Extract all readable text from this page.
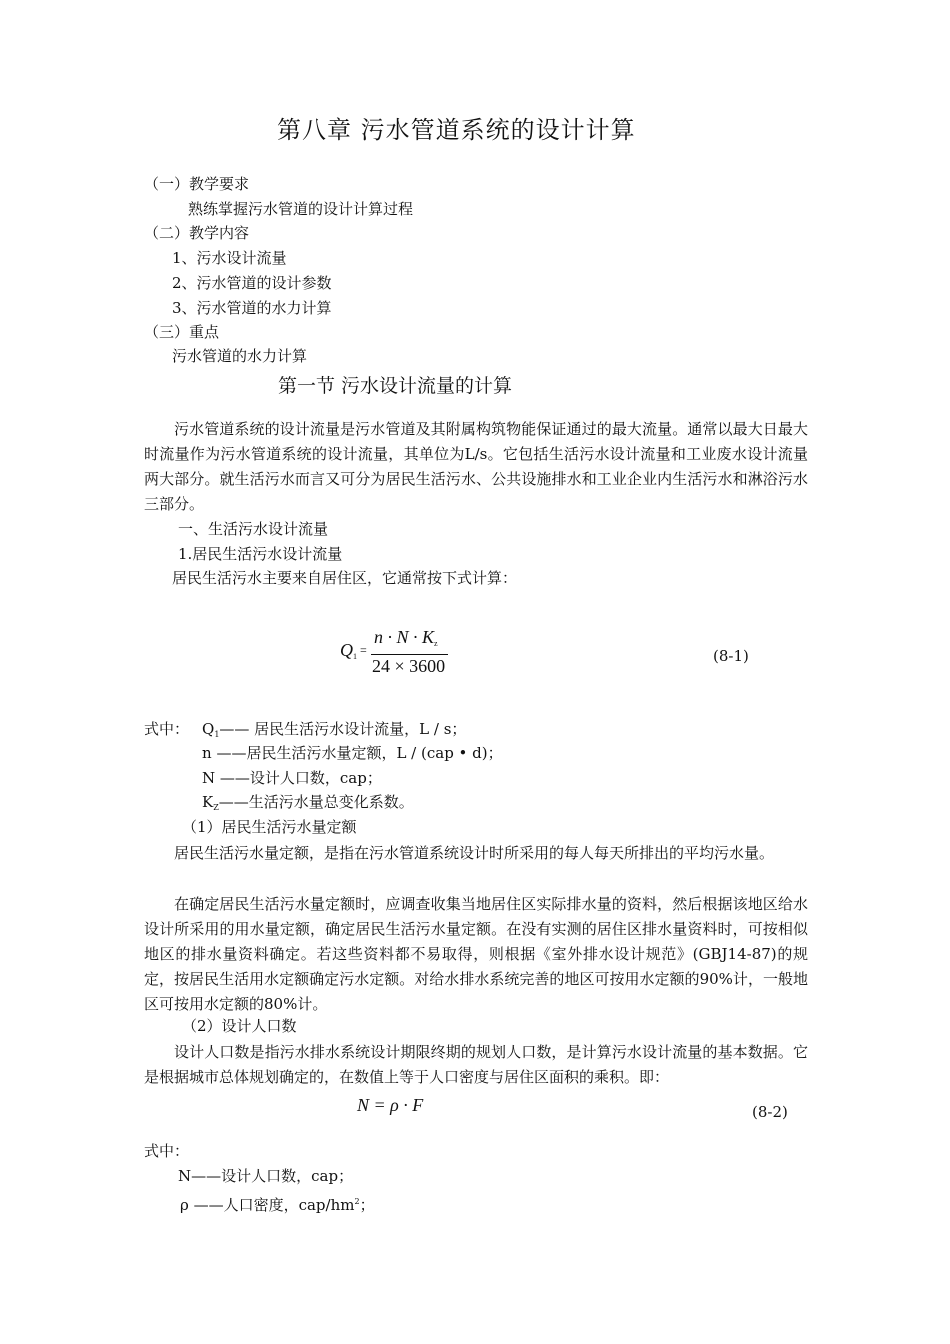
第八章 污水管道系统的设计计算
（一）教学要求
熟练掌握污水管道的设计计算过程
（二）教学内容
1、污水设计流量
2、污水管道的设计参数
3、污水管道的水力计算
（三）重点
污水管道的水力计算
第一节 污水设计流量的计算
污水管道系统的设计流量是污水管道及其附属构筑物能保证通过的最大流量。通常以最大日最大时流量作为污水管道系统的设计流量，其单位为L/s。它包括生活污水设计流量和工业废水设计流量两大部分。就生活污水而言又可分为居民生活污水、公共设施排水和工业企业内生活污水和淋浴污水三部分。
一、生活污水设计流量
1.居民生活污水设计流量
居民生活污水主要来自居住区，它通常按下式计算：
$Q_1$ =
$n \cdot N \cdot K_z$
24 × 3600	(8-1)
式中： $Q_1——$ 居民生活污水设计流量，L / s；
n ——居民生活污水量定额，L / (cap • d)；
N ——设计人口数，cap；
$K_Z——$生活污水量总变化系数。
（1）居民生活污水量定额
居民生活污水量定额，是指在污水管道系统设计时所采用的每人每天所排出的平均污水量。
在确定居民生活污水量定额时，应调查收集当地居住区实际排水量的资料，然后根据该地区给水设计所采用的用水量定额，确定居民生活污水量定额。在没有实测的居住区排水量资料时，可按相似地区的排水量资料确定。若这些资料都不易取得，则根据《室外排水设计规范》(GBJ14-87)的规定，按居民生活用水定额确定污水定额。对给水排水系统完善的地区可按用水定额的90%计，一般地区可按用水定额的80%计。
（2）设计人口数
设计人口数是指污水排水系统设计期限终期的规划人口数，是计算污水设计流量的基本数据。它是根据城市总体规划确定的，在数值上等于人口密度与居住区面积的乘积。即：
N = ρ · F	(8-2)
式中：
N——设计人口数，cap；
ρ ——人口密度，cap/$hm^2$；
